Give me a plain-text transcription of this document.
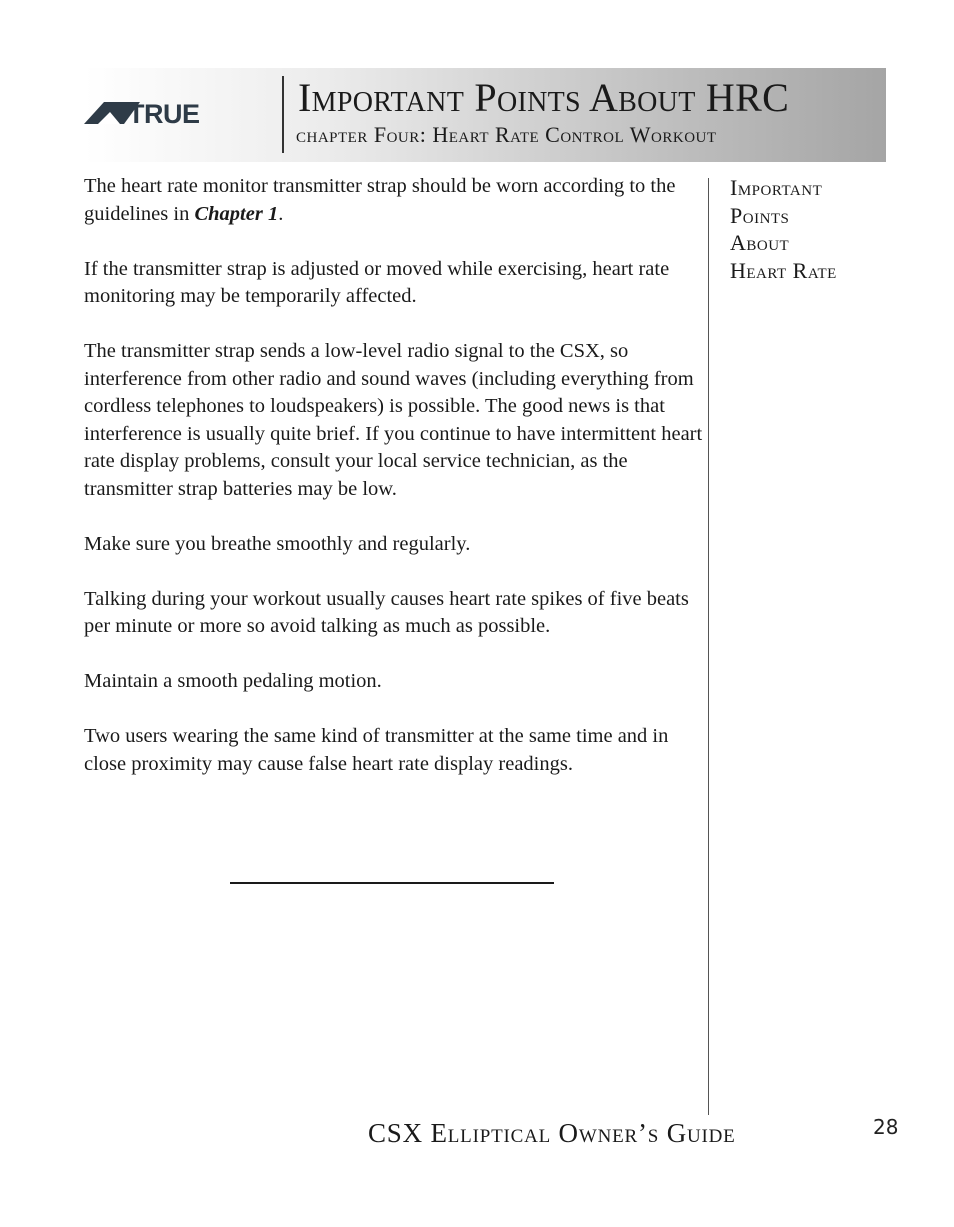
TRUE Important Points About HRC
chapter Four: Heart Rate Control Workout

The heart rate monitor transmitter strap should be worn according to the guidelines in Chapter 1.

If the transmitter strap is adjusted or moved while exercising, heart rate monitoring may be temporarily affected.

The transmitter strap sends a low-level radio signal to the CSX, so interference from other radio and sound waves (including everything from cordless telephones to loudspeakers) is possible. The good news is that interference is usually quite brief. If you continue to have intermittent heart rate display problems, consult your local service technician, as the transmitter strap batteries may be low.

Make sure you breathe smoothly and regularly.

Talking during your workout usually causes heart rate spikes of five beats per minute or more so avoid talking as much as possible.

Maintain a smooth pedaling motion.

Two users wearing the same kind of transmitter at the same time and in close proximity may cause false heart rate display readings.

Important
Points
About
Heart Rate
CSX Elliptical Owner’s Guide	28
